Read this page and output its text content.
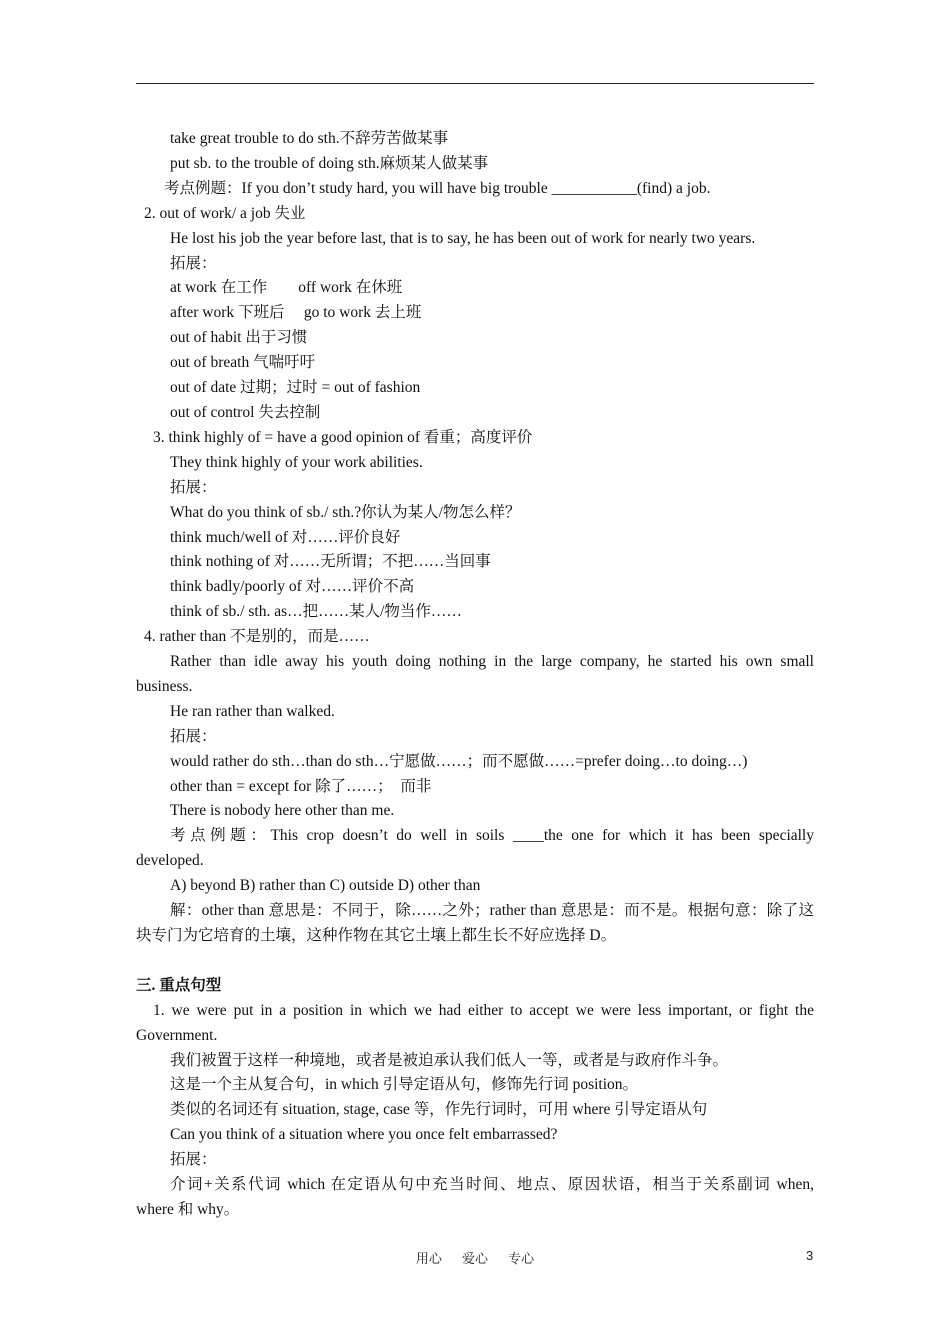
take great trouble to do sth.不辞劳苦做某事
put sb. to the trouble of doing sth.麻烦某人做某事
考点例题：If you don’t study hard, you will have big trouble ___________(find) a job.
2. out of work/ a job 失业
He lost his job the year before last, that is to say, he has been out of work for nearly two years.
拓展：
at work 在工作　　off work 在休班
after work 下班后　 go to work 去上班
out of habit 出于习惯
out of breath 气喘吁吁
out of date 过期；过时 = out of fashion
out of control 失去控制
3. think highly of = have a good opinion of 看重；高度评价
They think highly of your work abilities.
拓展：
What do you think of sb./ sth.?你认为某人/物怎么样？
think much/well of 对……评价良好
think nothing of 对……无所谓；不把……当回事
think badly/poorly of 对……评价不高
think of sb./ sth. as…把……某人/物当作……
4. rather than 不是别的，而是……
Rather than idle away his youth doing nothing in the large company, he started his own small
business.
He ran rather than walked.
拓展：
would rather do sth…than do sth…宁愿做……；而不愿做……=prefer doing…to doing…)
other than = except for 除了……；　而非
There is nobody here other than me.
考点例题：This crop doesn’t do well in soils ____the one for which it has been specially
developed.
A) beyond B) rather than C) outside D) other than
解：other than 意思是：不同于，除……之外；rather than 意思是：而不是。根据句意：除了这
块专门为它培育的土壤，这种作物在其它土壤上都生长不好应选择 D。
三. 重点句型
1. we were put in a position in which we had either to accept we were less important, or fight the
Government.
我们被置于这样一种境地，或者是被迫承认我们低人一等，或者是与政府作斗争。
这是一个主从复合句，in which 引导定语从句，修饰先行词 position。
类似的名词还有 situation, stage, case 等，作先行词时，可用 where 引导定语从句
Can you think of a situation where you once felt embarrassed?
拓展：
介词+关系代词 which 在定语从句中充当时间、地点、原因状语，相当于关系副词 when,
where 和 why。
用心 爱心 专心	3
